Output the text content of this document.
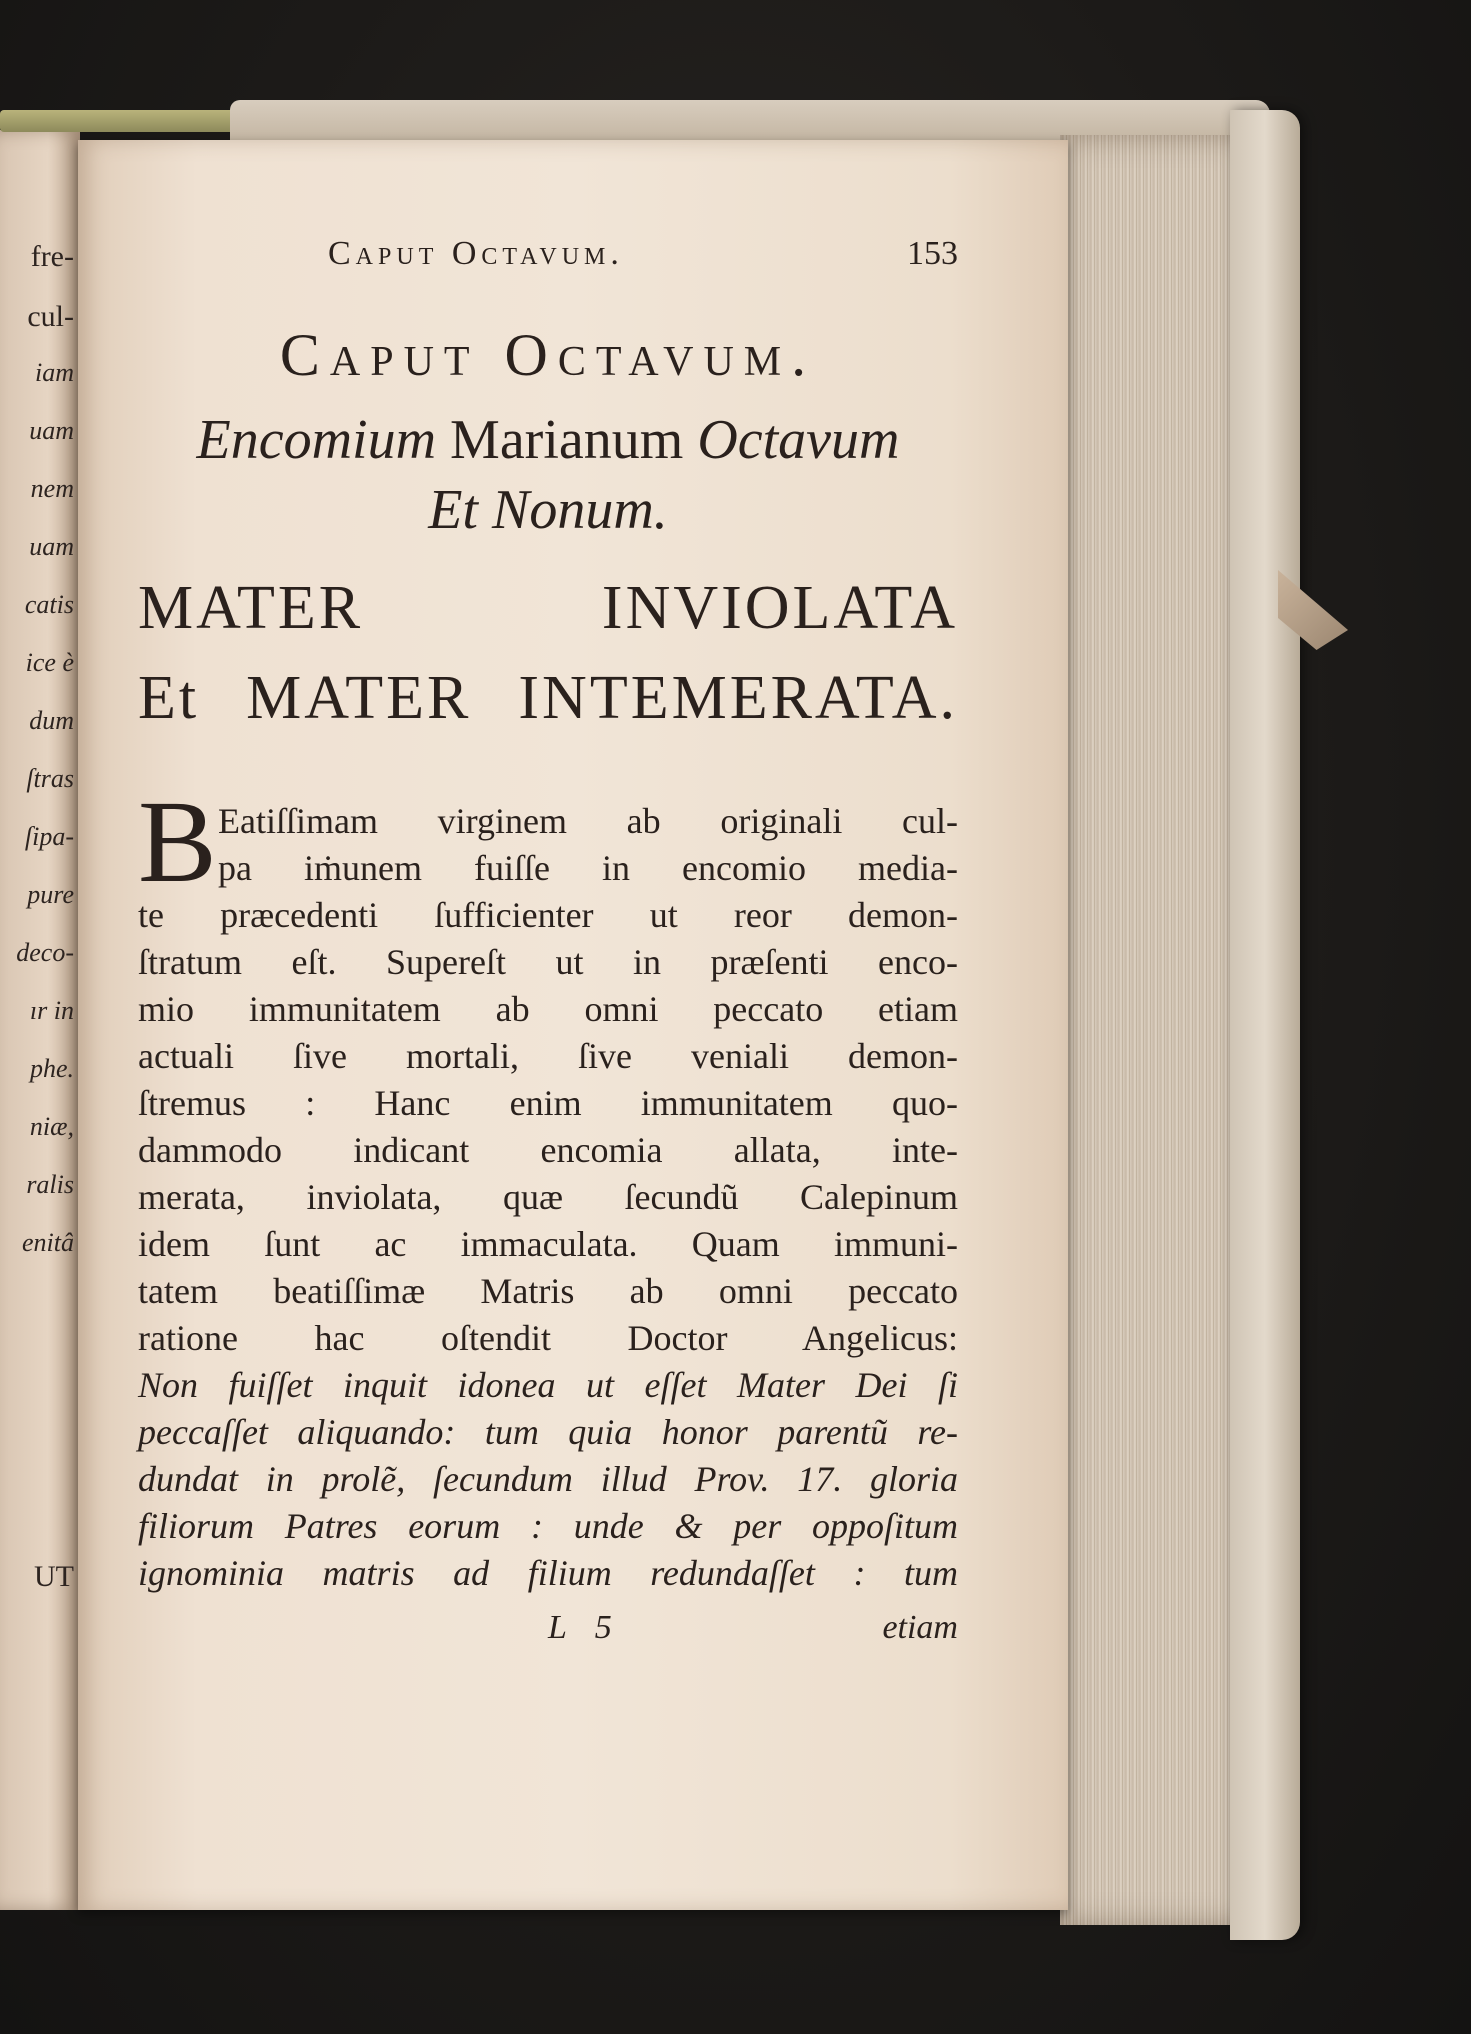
fre-
cul-
iam
uam
nem
uam
catis
ice è
dum
ſtras
ſipa-
pure
deco-
ır in
phe.
niæ,
ralis
enitâ
UT
Caput Octavum.	153
Caput Octavum.
Encomium Marianum Octavum
Et Nonum.
MATER INVIOLATA
Et MATER INTEMERATA.
B Eatiſſimam virginem ab originali cul-
pa iṁunem fuiſſe in encomio media-
te præcedenti ſufficienter ut reor demon-
ſtratum eſt. Supereſt ut in præſenti enco-
mio immunitatem ab omni peccato etiam
actuali ſive mortali, ſive veniali demon-
ſtremus : Hanc enim immunitatem quo-
dammodo indicant encomia allata, inte-
merata, inviolata, quæ ſecundũ Calepinum
idem ſunt ac immaculata. Quam immuni-
tatem beatiſſimæ Matris ab omni peccato
ratione hac oſtendit Doctor Angelicus:
Non fuiſſet inquit idonea ut eſſet Mater Dei ſi
peccaſſet aliquando: tum quia honor parentũ re-
dundat in prolẽ, ſecundum illud Prov. 17. gloria
filiorum Patres eorum : unde & per oppoſitum
ignominia matris ad filium redundaſſet : tum
L 5	etiam
